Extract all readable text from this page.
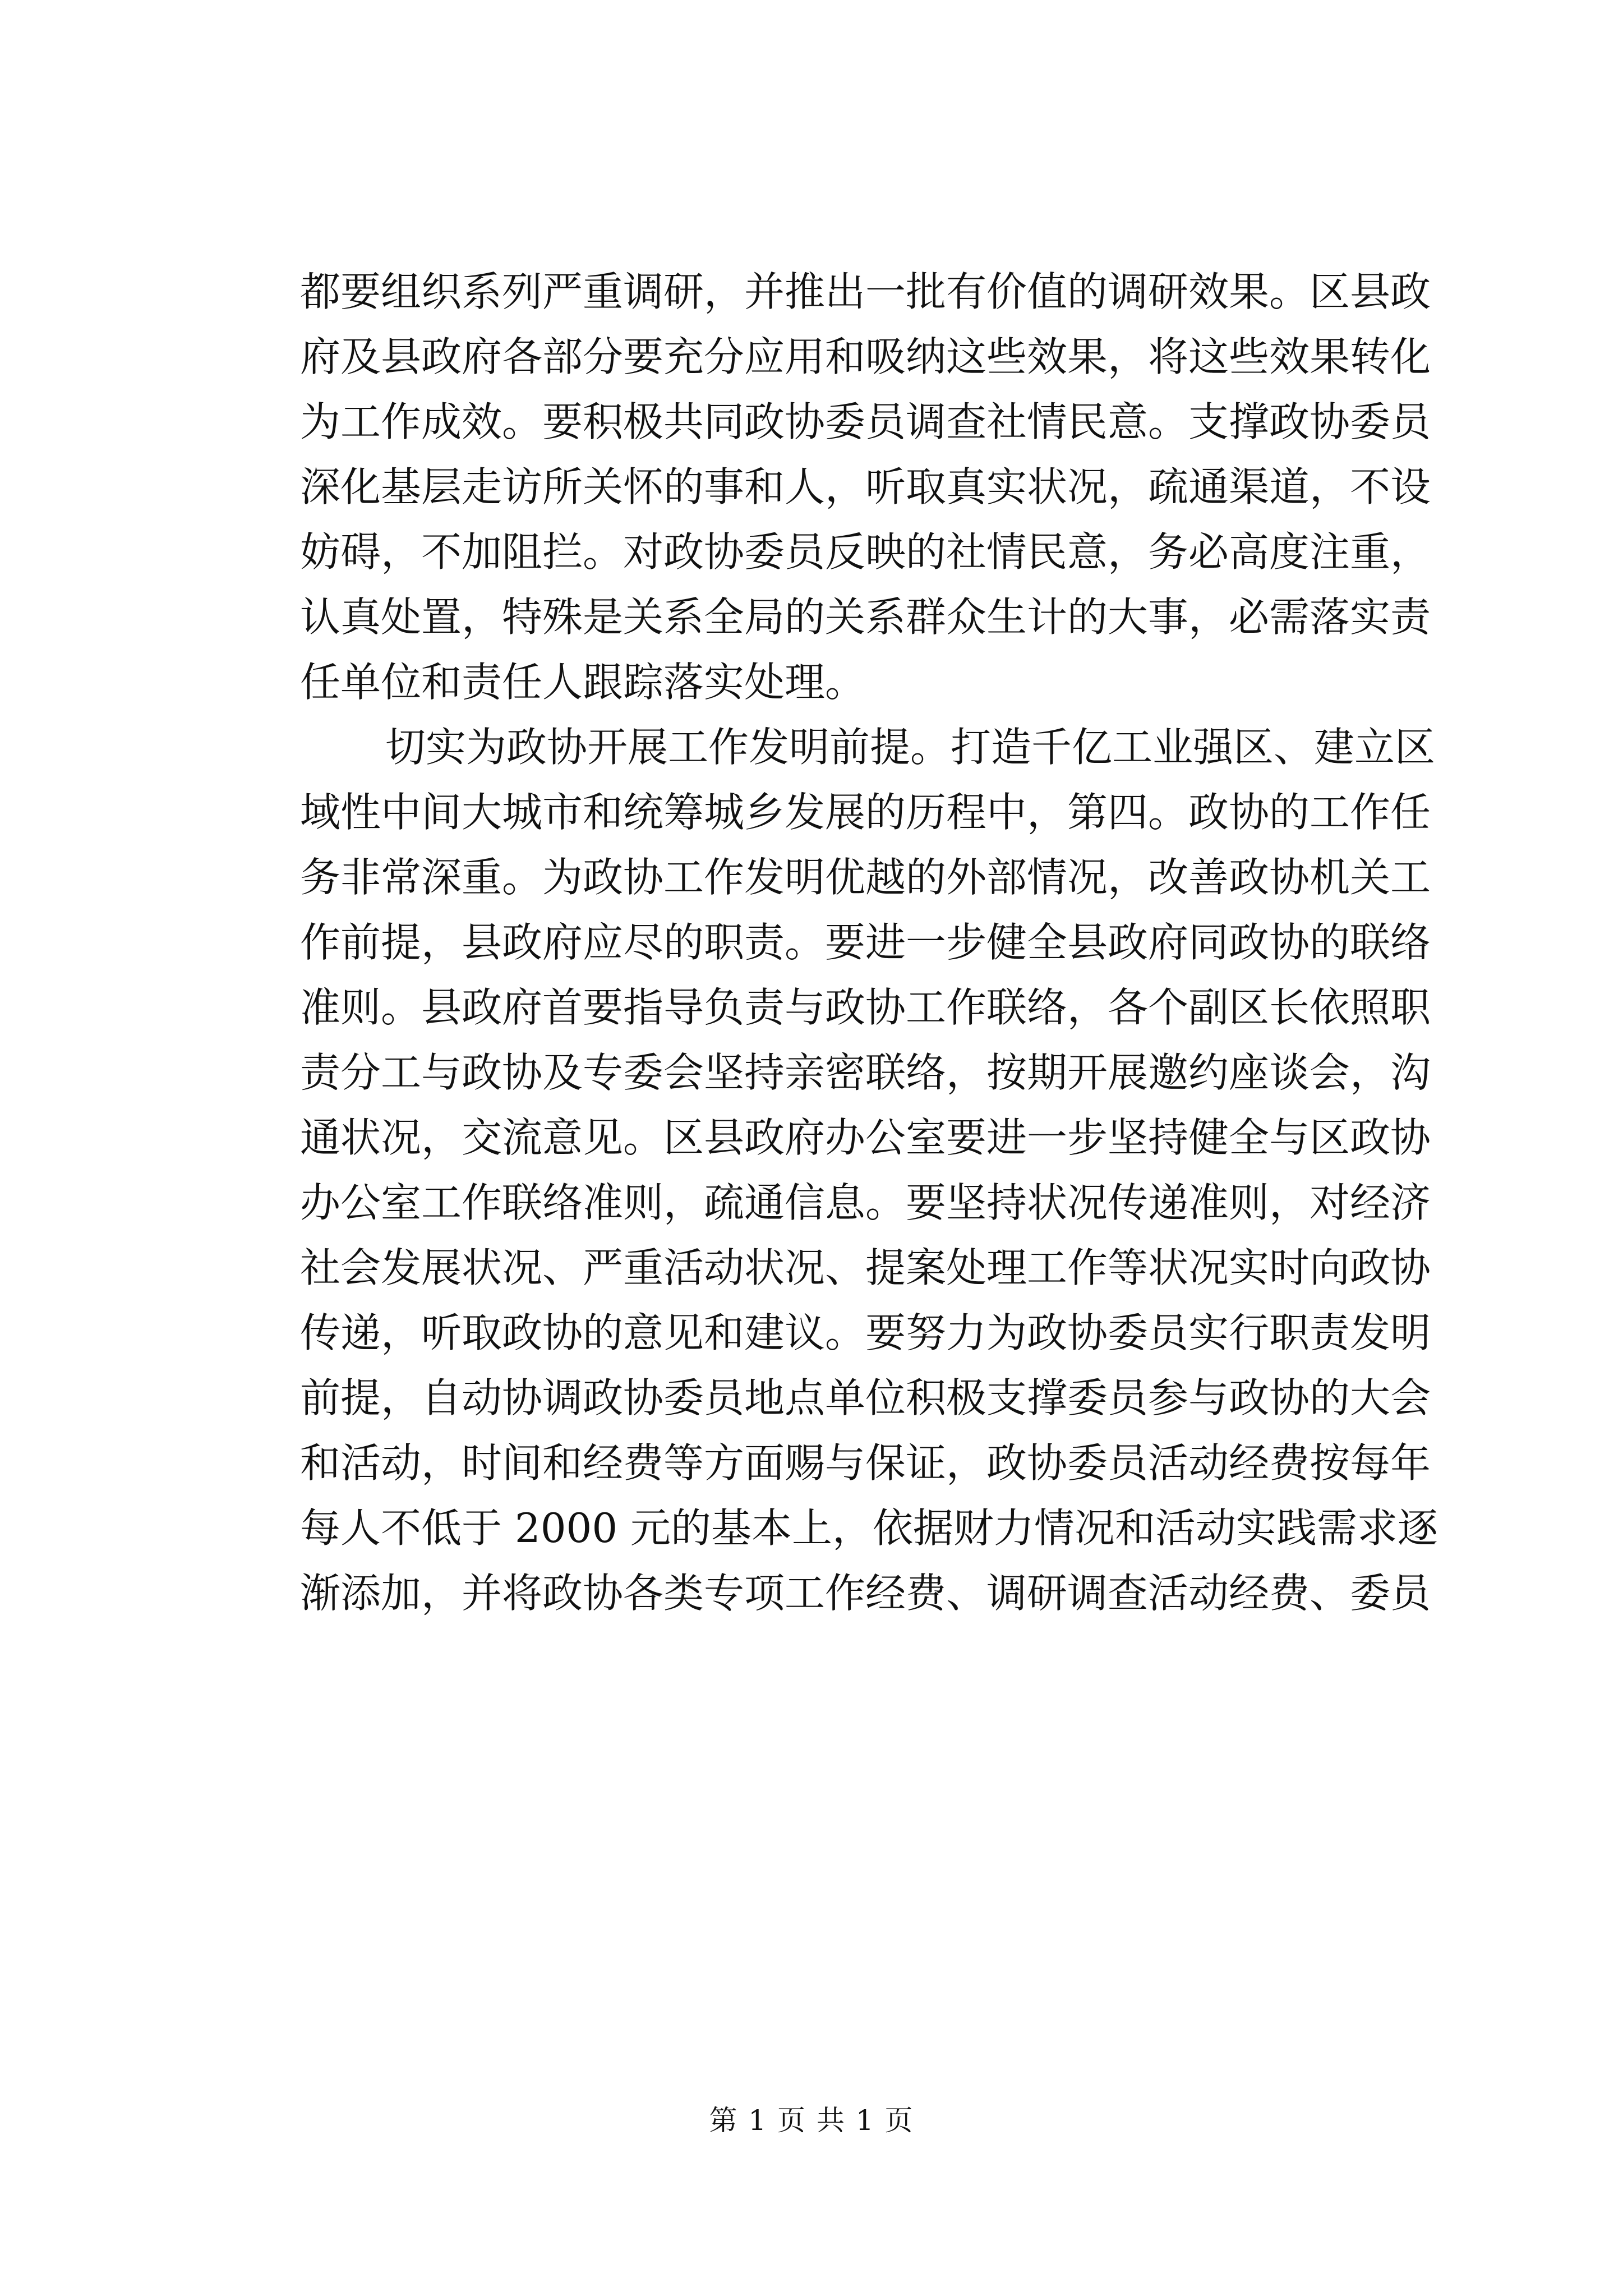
都要组织系列严重调研，并推出一批有价值的调研效果。区县政
府及县政府各部分要充分应用和吸纳这些效果，将这些效果转化
为工作成效。要积极共同政协委员调查社情民意。支撑政协委员
深化基层走访所关怀的事和人，听取真实状况，疏通渠道，不设
妨碍，不加阻拦。对政协委员反映的社情民意，务必高度注重，
认真处置，特殊是关系全局的关系群众生计的大事，必需落实责
任单位和责任人跟踪落实处理。
切实为政协开展工作发明前提。打造千亿工业强区、建立区
域性中间大城市和统筹城乡发展的历程中，第四。政协的工作任
务非常深重。为政协工作发明优越的外部情况，改善政协机关工
作前提，县政府应尽的职责。要进一步健全县政府同政协的联络
准则。县政府首要指导负责与政协工作联络，各个副区长依照职
责分工与政协及专委会坚持亲密联络，按期开展邀约座谈会，沟
通状况，交流意见。区县政府办公室要进一步坚持健全与区政协
办公室工作联络准则，疏通信息。要坚持状况传递准则，对经济
社会发展状况、严重活动状况、提案处理工作等状况实时向政协
传递，听取政协的意见和建议。要努力为政协委员实行职责发明
前提，自动协调政协委员地点单位积极支撑委员参与政协的大会
和活动，时间和经费等方面赐与保证，政协委员活动经费按每年
每人不低于 2000 元的基本上，依据财力情况和活动实践需求逐
渐添加，并将政协各类专项工作经费、调研调查活动经费、委员
第 1 页 共 1 页
